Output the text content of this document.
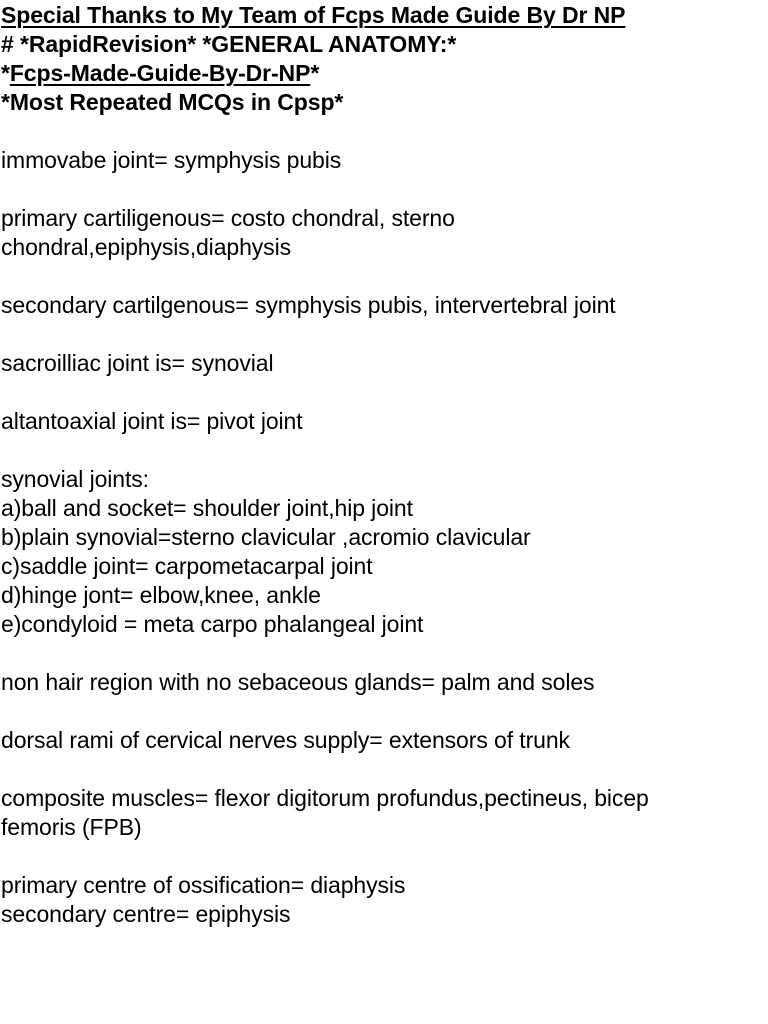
Special Thanks to My Team of Fcps Made Guide By Dr NP
# *RapidRevision* *GENERAL ANATOMY:*
*Fcps-Made-Guide-By-Dr-NP*
*Most Repeated MCQs in Cpsp*
immovabe joint= symphysis pubis
primary cartiligenous= costo chondral, sterno
chondral,epiphysis,diaphysis
secondary cartilgenous= symphysis pubis, intervertebral joint
sacroilliac joint is= synovial
altantoaxial joint is= pivot joint
synovial joints:
a)ball and socket= shoulder joint,hip joint
b)plain synovial=sterno clavicular ,acromio clavicular
c)saddle joint= carpometacarpal joint
d)hinge jont= elbow,knee, ankle
e)condyloid = meta carpo phalangeal joint
non hair region with no sebaceous glands= palm and soles
dorsal rami of cervical nerves supply= extensors of trunk
composite muscles= flexor digitorum profundus,pectineus, bicep
femoris (FPB)
primary centre of ossification= diaphysis
secondary centre= epiphysis
